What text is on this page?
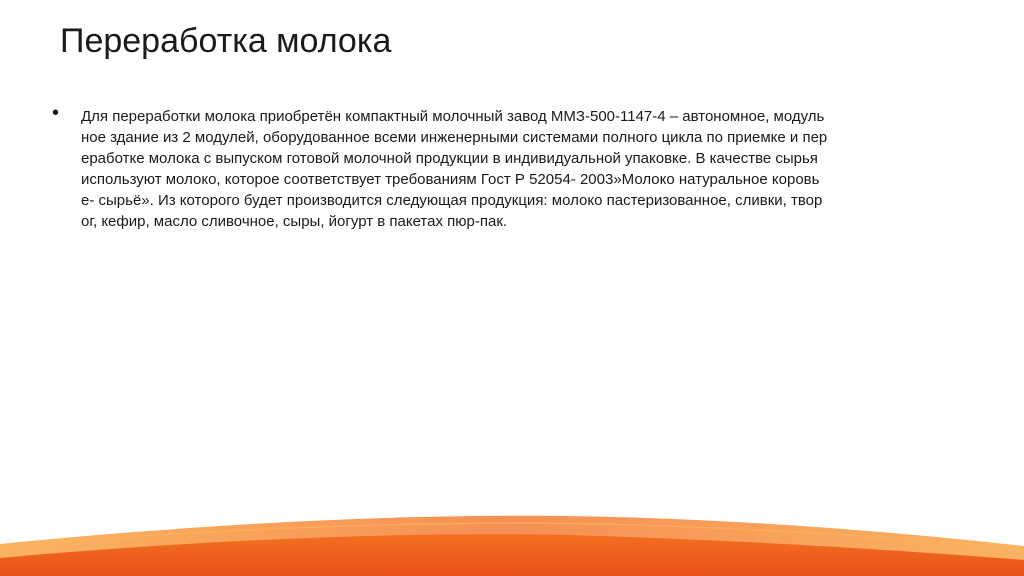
Переработка молока
• Для переработки молока приобретён компактный молочный завод ММЗ-500-1147-4 – автономное, модуль
ное здание из 2 модулей, оборудованное всеми инженерными системами полного цикла по приемке и пер
еработке молока с выпуском готовой молочной продукции в индивидуальной упаковке. В качестве сырья
используют молоко, которое соответствует требованиям Гост Р 52054- 2003»Молоко натуральное коровь
е- сырьё». Из которого будет производится следующая продукция: молоко пастеризованное, сливки, твор
ог, кефир, масло сливочное, сыры, йогурт в пакетах пюр-пак.
